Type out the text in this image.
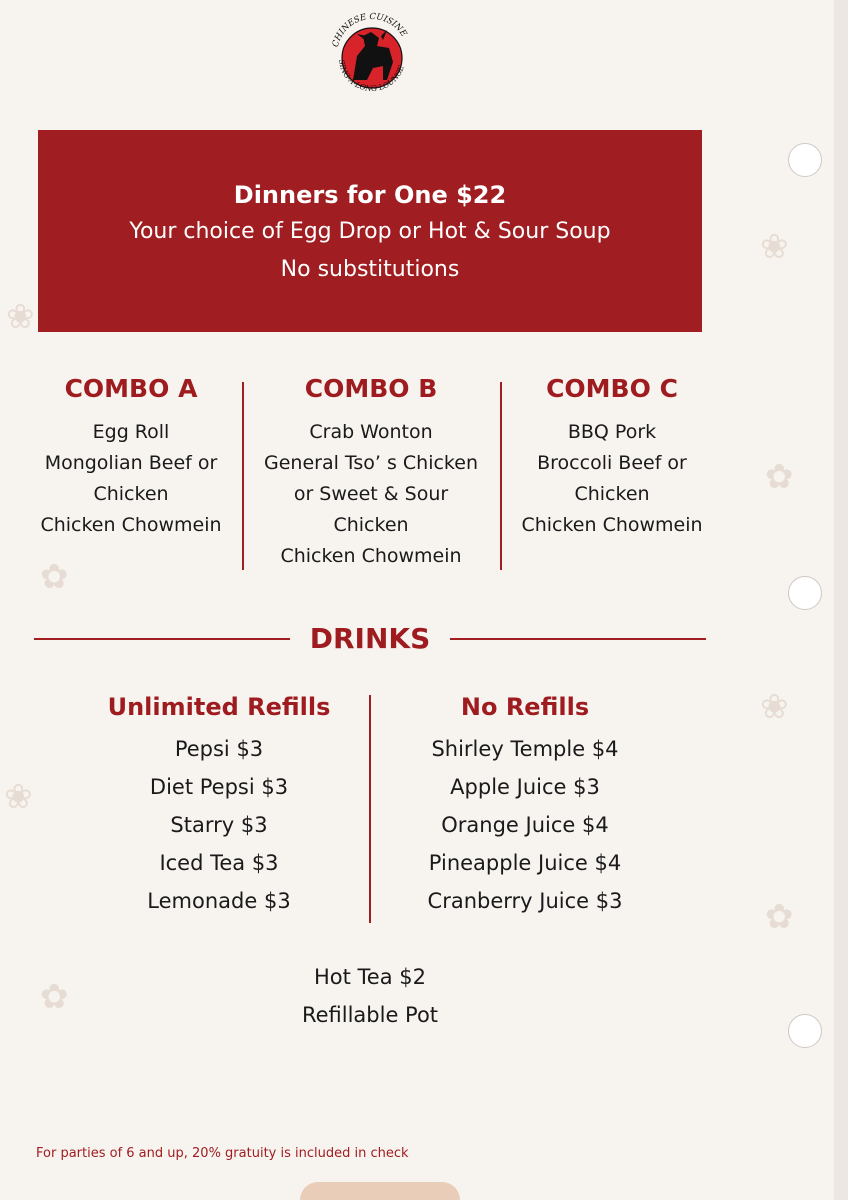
❀
✿
❀
✿
❀
✿
❀
✿
CHINESE CUISINE
SING-A-LONG LOUNGE
Dinners for One $22
Your choice of Egg Drop or Hot & Sour Soup
No substitutions
COMBO A
Egg Roll
Mongolian Beef or
Chicken
Chicken Chowmein
COMBO B
Crab Wonton
General Tso’ s Chicken
or Sweet & Sour
Chicken
Chicken Chowmein
COMBO C
BBQ Pork
Broccoli Beef or
Chicken
Chicken Chowmein
DRINKS
Unlimited Refills
Pepsi $3
Diet Pepsi $3
Starry $3
Iced Tea $3
Lemonade $3
No Refills
Shirley Temple $4
Apple Juice $3
Orange Juice $4
Pineapple Juice $4
Cranberry Juice $3
Hot Tea $2
Refillable Pot
For parties of 6 and up, 20% gratuity is included in check
